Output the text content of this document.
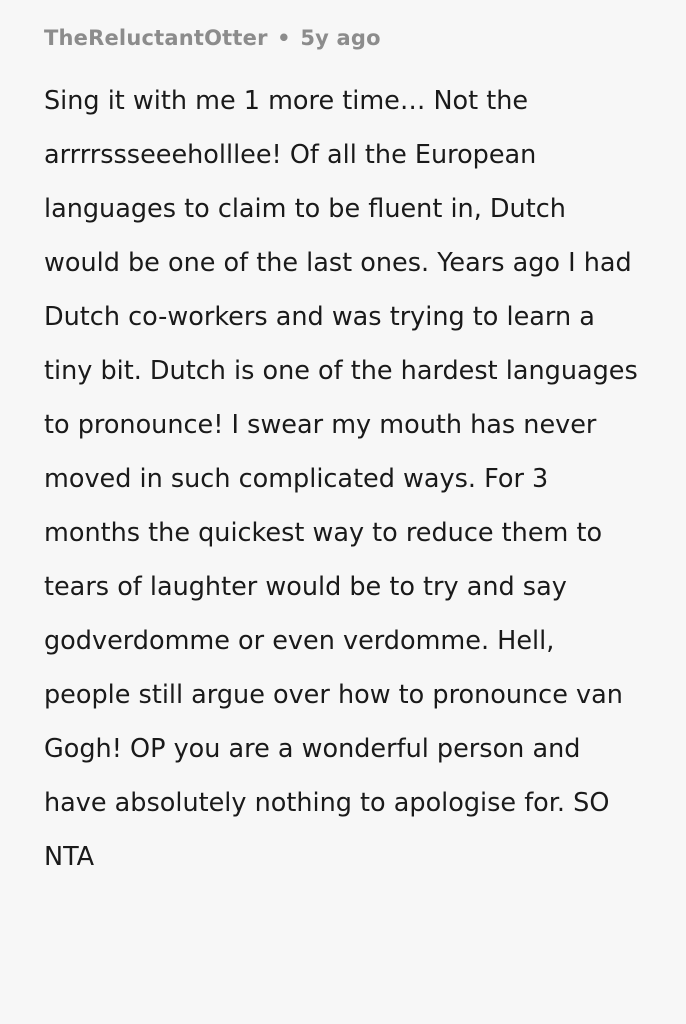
TheReluctantOtter • 5y ago

Sing it with me 1 more time… Not the arrrrssseeeholllee! Of all the European languages to claim to be fluent in, Dutch would be one of the last ones. Years ago I had Dutch co-workers and was trying to learn a tiny bit. Dutch is one of the hardest languages to pronounce! I swear my mouth has never moved in such complicated ways. For 3 months the quickest way to reduce them to tears of laughter would be to try and say godverdomme or even verdomme. Hell, people still argue over how to pronounce van Gogh! OP you are a wonderful person and have absolutely nothing to apologise for. SO NTA
